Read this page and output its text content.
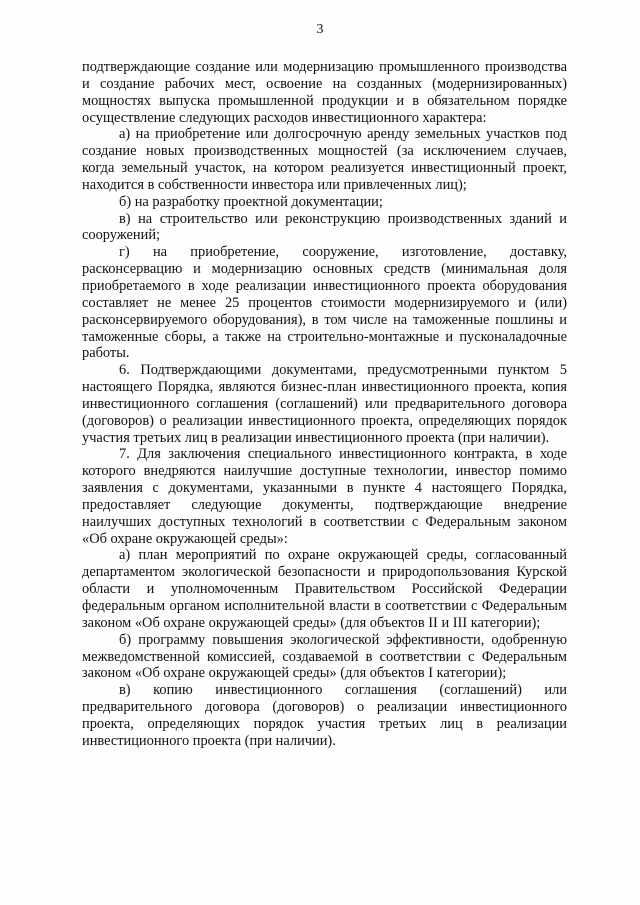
3

подтверждающие создание или модернизацию промышленного производства и создание рабочих мест, освоение на созданных (модернизированных) мощностях выпуска промышленной продукции и в обязательном порядке осуществление следующих расходов инвестиционного характера:

а) на приобретение или долгосрочную аренду земельных участков под создание новых производственных мощностей (за исключением случаев, когда земельный участок, на котором реализуется инвестиционный проект, находится в собственности инвестора или привлеченных лиц);

б) на разработку проектной документации;

в) на строительство или реконструкцию производственных зданий и сооружений;

г) на приобретение, сооружение, изготовление, доставку, расконсервацию и модернизацию основных средств (минимальная доля приобретаемого в ходе реализации инвестиционного проекта оборудования составляет не менее 25 процентов стоимости модернизируемого и (или) расконсервируемого оборудования), в том числе на таможенные пошлины и таможенные сборы, а также на строительно-монтажные и пусконаладочные работы.

6. Подтверждающими документами, предусмотренными пунктом 5 настоящего Порядка, являются бизнес-план инвестиционного проекта, копия инвестиционного соглашения (соглашений) или предварительного договора (договоров) о реализации инвестиционного проекта, определяющих порядок участия третьих лиц в реализации инвестиционного проекта (при наличии).

7. Для заключения специального инвестиционного контракта, в ходе которого внедряются наилучшие доступные технологии, инвестор помимо заявления с документами, указанными в пункте 4 настоящего Порядка, предоставляет следующие документы, подтверждающие внедрение наилучших доступных технологий в соответствии с Федеральным законом «Об охране окружающей среды»:

а) план мероприятий по охране окружающей среды, согласованный департаментом экологической безопасности и природопользования Курской области и уполномоченным Правительством Российской Федерации федеральным органом исполнительной власти в соответствии с Федеральным законом «Об охране окружающей среды» (для объектов II и III категории);

б) программу повышения экологической эффективности, одобренную межведомственной комиссией, создаваемой в соответствии с Федеральным законом «Об охране окружающей среды» (для объектов I категории);

в) копию инвестиционного соглашения (соглашений) или предварительного договора (договоров) о реализации инвестиционного проекта, определяющих порядок участия третьих лиц в реализации инвестиционного проекта (при наличии).
